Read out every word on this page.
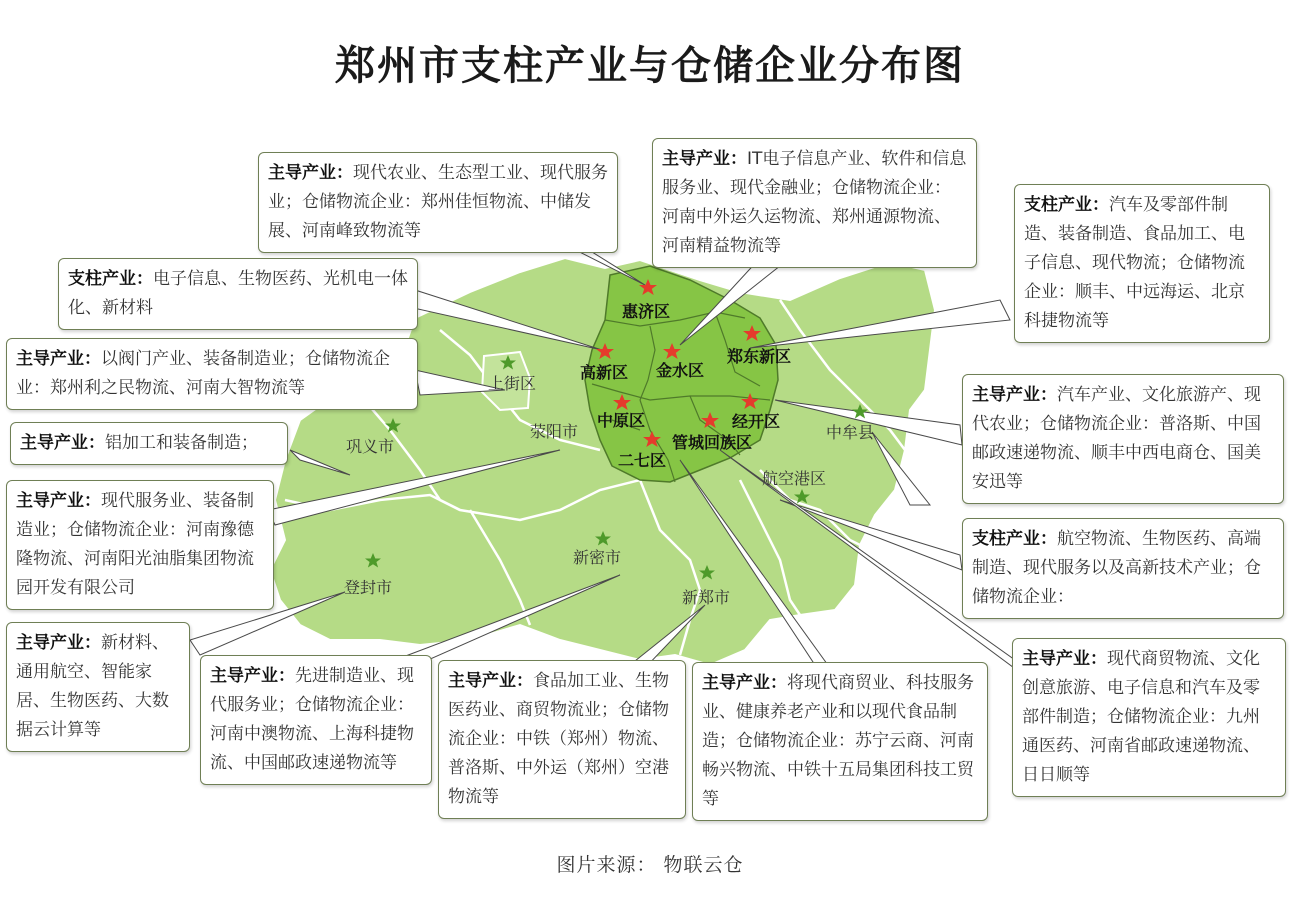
郑州市支柱产业与仓储企业分布图
惠济区
高新区 金水区
郑东新区
中原区	经开区
管城回族区
二七区
上街区
荥阳市
巩义市
中牟县
航空港区
登封市
新密市
新郑市
主导产业：现代农业、生态型工业、现代服务业；仓储物流企业：郑州佳恒物流、中储发展、河南峰致物流等
主导产业：IT电子信息产业、软件和信息服务业、现代金融业；仓储物流企业：河南中外运久运物流、郑州通源物流、河南精益物流等
支柱产业：汽车及零部件制造、装备制造、食品加工、电子信息、现代物流；仓储物流企业：顺丰、中远海运、北京科捷物流等
支柱产业：电子信息、生物医药、光机电一体化、新材料
主导产业：以阀门产业、装备制造业；仓储物流企业：郑州利之民物流、河南大智物流等	主导产业：汽车产业、文化旅游产、现代农业；仓储物流企业：普洛斯、中国邮政速递物流、顺丰中西电商仓、国美安迅等
主导产业：铝加工和装备制造；
主导产业：现代服务业、装备制造业；仓储物流企业：河南豫德隆物流、河南阳光油脂集团物流园开发有限公司
支柱产业：航空物流、生物医药、高端制造、现代服务以及高新技术产业；仓储物流企业：
主导产业：新材料、通用航空、智能家居、生物医药、大数据云计算等
主导产业：先进制造业、现代服务业；仓储物流企业：河南中澳物流、上海科捷物流、中国邮政速递物流等
主导产业：食品加工业、生物医药业、商贸物流业；仓储物流企业：中铁（郑州）物流、普洛斯、中外运（郑州）空港物流等
主导产业：将现代商贸业、科技服务业、健康养老产业和以现代食品制造；仓储物流企业：苏宁云商、河南畅兴物流、中铁十五局集团科技工贸等
主导产业：现代商贸物流、文化创意旅游、电子信息和汽车及零部件制造；仓储物流企业：九州通医药、河南省邮政速递物流、日日顺等
图片来源： 物联云仓
